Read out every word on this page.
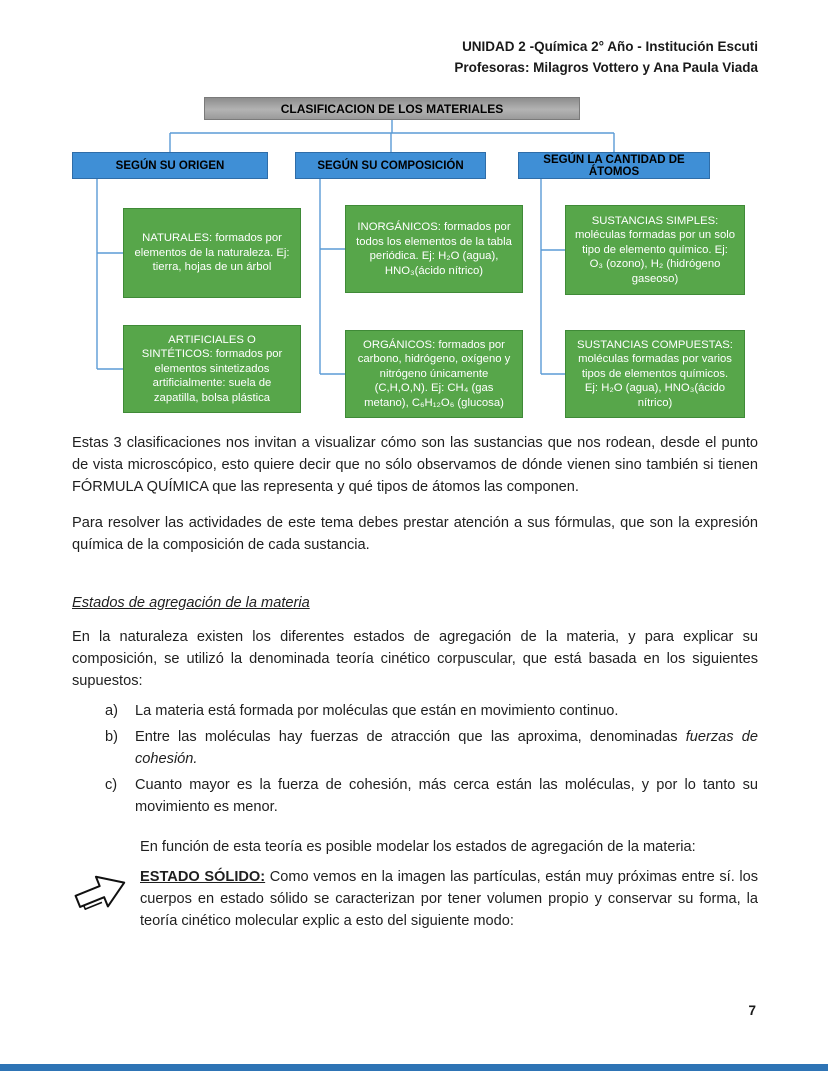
UNIDAD 2 -Química 2° Año - Institución Escuti
Profesoras: Milagros Vottero y Ana Paula Viada
CLASIFICACION DE LOS MATERIALES
SEGÚN SU ORIGEN	SEGÚN SU COMPOSICIÓN	SEGÚN LA CANTIDAD DE ÁTOMOS
NATURALES: formados por elementos de la naturaleza. Ej: tierra, hojas de un árbol
ARTIFICIALES O SINTÉTICOS: formados por elementos sintetizados artificialmente: suela de zapatilla, bolsa plástica
INORGÁNICOS: formados por todos los elementos de la tabla periódica. Ej: H₂O (agua), HNO₃(ácido nítrico)
ORGÁNICOS: formados por carbono, hidrógeno, oxígeno y nitrógeno únicamente (C,H,O,N). Ej: CH₄ (gas metano), C₆H₁₂O₆ (glucosa)
SUSTANCIAS SIMPLES: moléculas formadas por un solo tipo de elemento químico. Ej: O₃ (ozono), H₂ (hidrógeno gaseoso)
SUSTANCIAS COMPUESTAS: moléculas formadas por varios tipos de elementos químicos. Ej: H₂O (agua), HNO₃(ácido nítrico)

Estas 3 clasificaciones nos invitan a visualizar cómo son las sustancias que nos rodean, desde el punto de vista microscópico, esto quiere decir que no sólo observamos de dónde vienen sino también si tienen FÓRMULA QUÍMICA que las representa y qué tipos de átomos las componen.

Para resolver las actividades de este tema debes prestar atención a sus fórmulas, que son la expresión química de la composición de cada sustancia.

Estados de agregación de la materia

En la naturaleza existen los diferentes estados de agregación de la materia, y para explicar su composición, se utilizó la denominada teoría cinético corpuscular, que está basada en los siguientes supuestos:

a)	La materia está formada por moléculas que están en movimiento continuo.
b)	Entre las moléculas hay fuerzas de atracción que las aproxima, denominadas fuerzas de cohesión.
c)	Cuanto mayor es la fuerza de cohesión, más cerca están las moléculas, y por lo tanto su movimiento es menor.

En función de esta teoría es posible modelar los estados de agregación de la materia:

ESTADO SÓLIDO: Como vemos en la imagen las partículas, están muy próximas entre sí. los cuerpos en estado sólido se caracterizan por tener volumen propio y conservar su forma, la teoría cinético molecular explic a esto del siguiente modo:
7
